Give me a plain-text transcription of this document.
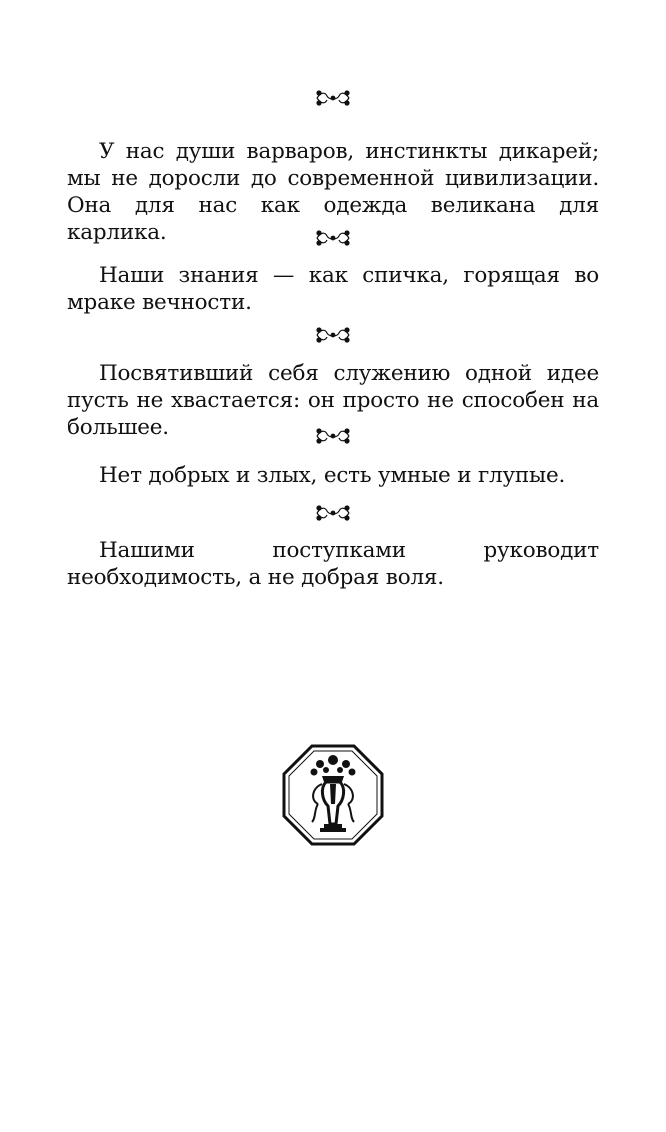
У нас души варваров, инстинкты дикарей; мы не доросли до современной цивилизации. Она для нас как одежда великана для карлика.

Наши знания — как спичка, горящая во мраке вечности.

Посвятивший себя служению одной идее пусть не хвастается: он просто не способен на большее.

Нет добрых и злых, есть умные и глупые.

Нашими поступками руководит необходимость, а не добрая воля.
